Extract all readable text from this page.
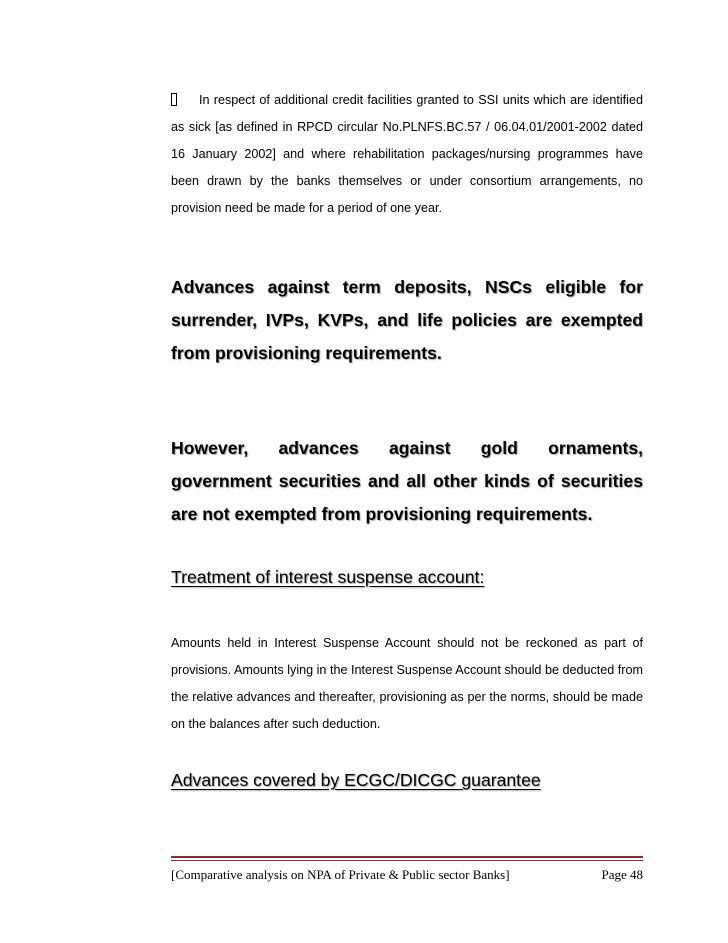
In respect of additional credit facilities granted to SSI units which are identified as sick [as defined in RPCD circular No.PLNFS.BC.57 / 06.04.01/2001-2002 dated 16 January 2002] and where rehabilitation packages/nursing programmes have been drawn by the banks themselves or under consortium arrangements, no provision need be made for a period of one year.
Advances against term deposits, NSCs eligible for surrender, IVPs, KVPs, and life policies are exempted from provisioning requirements.
However, advances against gold ornaments, government securities and all other kinds of securities are not exempted from provisioning requirements.
Treatment of interest suspense account:
Amounts held in Interest Suspense Account should not be reckoned as part of provisions. Amounts lying in the Interest Suspense Account should be deducted from the relative advances and thereafter, provisioning as per the norms, should be made on the balances after such deduction.
Advances covered by ECGC/DICGC guarantee
[Comparative analysis on NPA of Private & Public sector Banks]	Page 48
